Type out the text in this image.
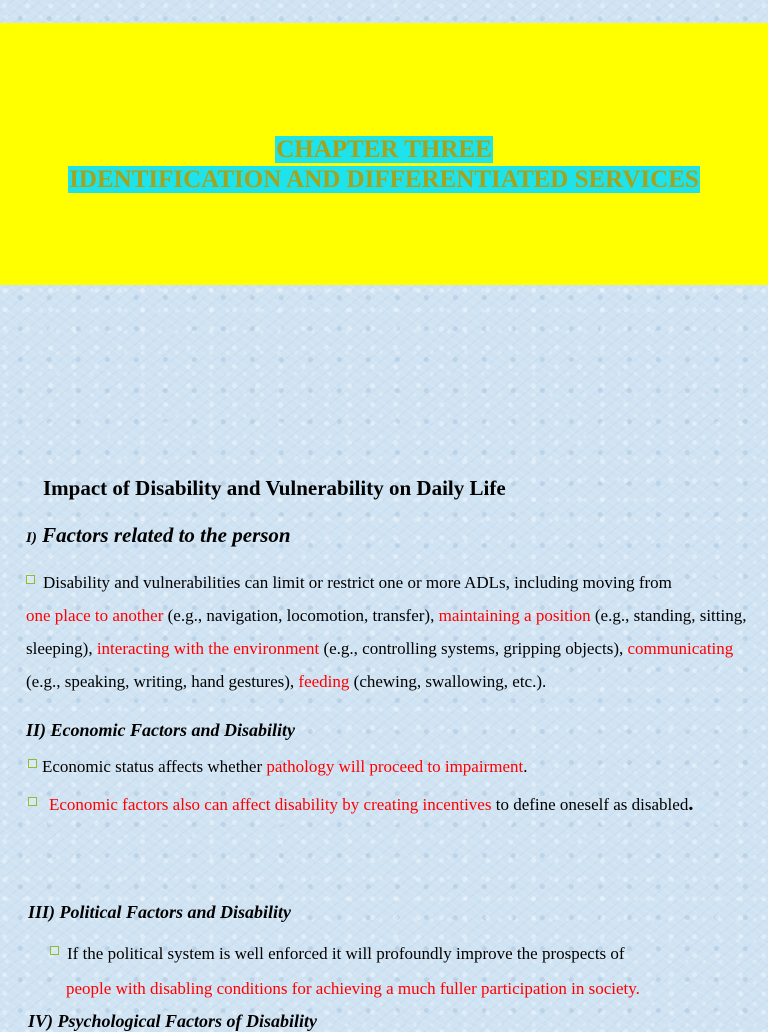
CHAPTER THREE
IDENTIFICATION AND DIFFERENTIATED SERVICES

Impact of Disability and Vulnerability on Daily Life

I) Factors related to the person

Disability and vulnerabilities can limit or restrict one or more ADLs, including moving from
one place to another (e.g., navigation, locomotion, transfer), maintaining a position (e.g., standing, sitting, sleeping), interacting with the environment (e.g., controlling systems, gripping objects), communicating (e.g., speaking, writing, hand gestures), feeding (chewing, swallowing, etc.).

II) Economic Factors and Disability

Economic status affects whether pathology will proceed to impairment.

Economic factors also can affect disability by creating incentives to define oneself as disabled.

III) Political Factors and Disability

If the political system is well enforced it will profoundly improve the prospects of

people with disabling conditions for achieving a much fuller participation in society.

IV) Psychological Factors of Disability
